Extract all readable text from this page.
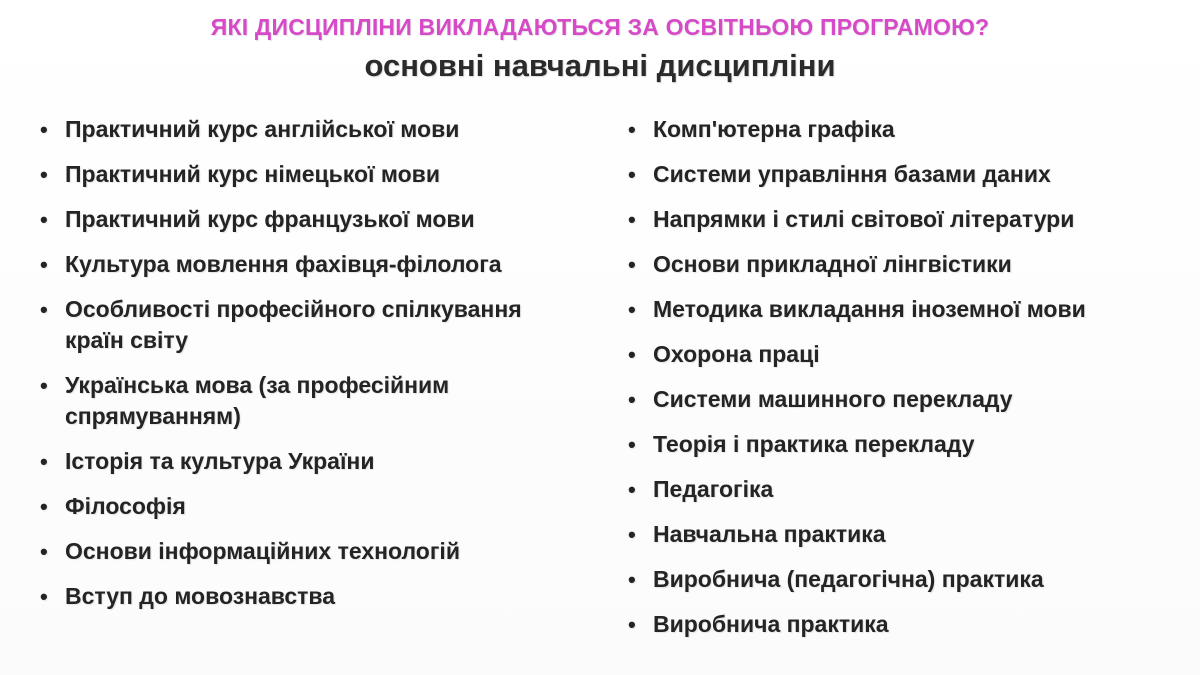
ЯКІ ДИСЦИПЛІНИ ВИКЛАДАЮТЬСЯ ЗА ОСВІТНЬОЮ ПРОГРАМОЮ?
основні навчальні дисципліни
• Практичний курс англійської мови
• Практичний курс німецької мови
• Практичний курс французької мови
• Культура мовлення фахівця-філолога
• Особливості професійного спілкування
країн світу
• Українська мова (за професійним
спрямуванням)
• Історія та культура України
• Філософія
• Основи інформаційних технологій
• Вступ до мовознавства
• Комп'ютерна графіка
• Системи управління базами даних
• Напрямки і стилі світової літератури
• Основи прикладної лінгвістики
• Методика викладання іноземної мови
• Охорона праці
• Системи машинного перекладу
• Теорія і практика перекладу
• Педагогіка
• Навчальна практика
• Виробнича (педагогічна) практика
• Виробнича практика
